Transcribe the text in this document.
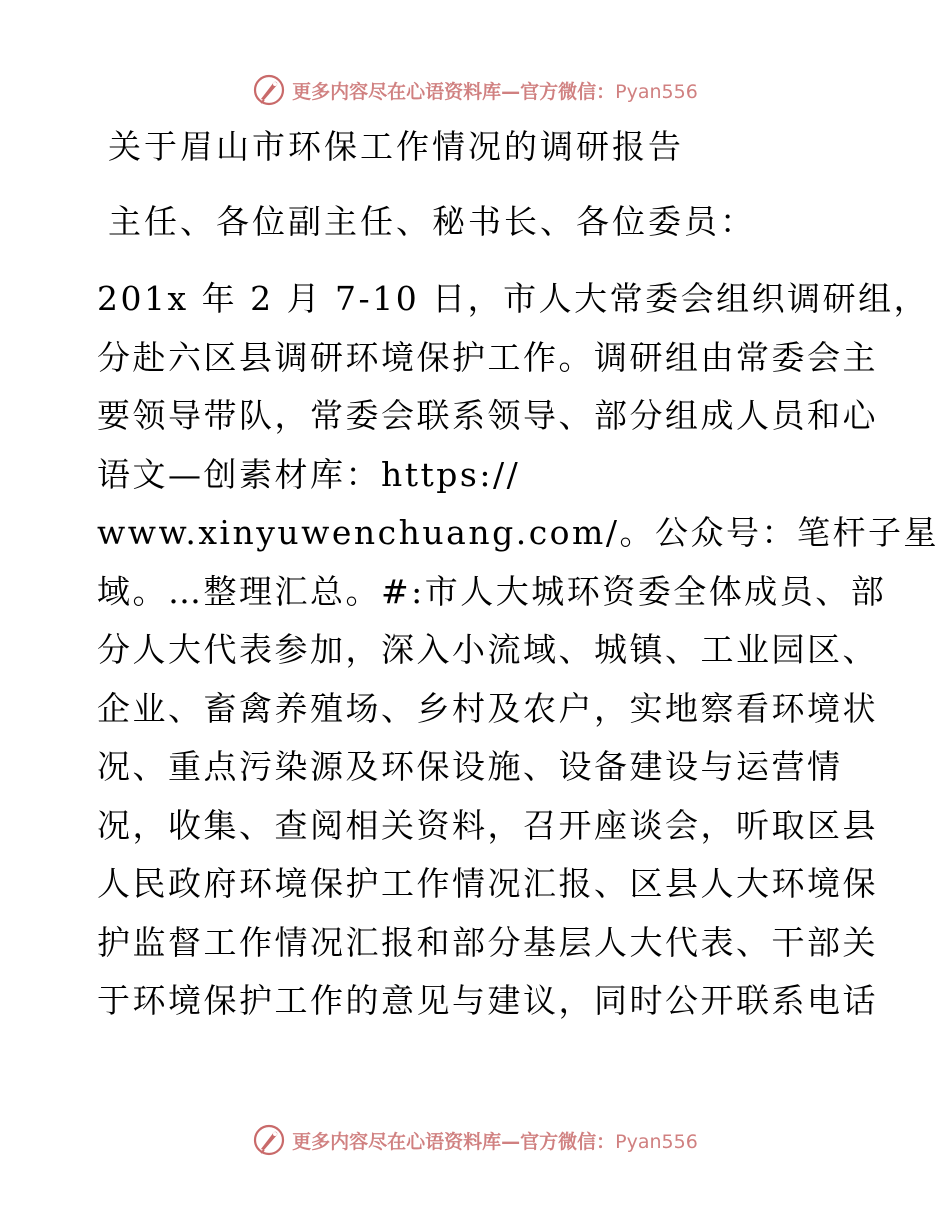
更多内容尽在心语资料库—官方微信：Pyan556
关于眉山市环保工作情况的调研报告

主任、各位副主任、秘书长、各位委员：

201x 年 2 月 7-10 日，市人大常委会组织调研组，
分赴六区县调研环境保护工作。调研组由常委会主
要领导带队，常委会联系领导、部分组成人员和心
语文—创素材库：https://
www.xinyuwenchuang.com/。公众号：笔杆子星
域。…整理汇总。#:市人大城环资委全体成员、部
分人大代表参加，深入小流域、城镇、工业园区、
企业、畜禽养殖场、乡村及农户，实地察看环境状
况、重点污染源及环保设施、设备建设与运营情
况，收集、查阅相关资料，召开座谈会，听取区县
人民政府环境保护工作情况汇报、区县人大环境保
护监督工作情况汇报和部分基层人大代表、干部关
于环境保护工作的意见与建议，同时公开联系电话
更多内容尽在心语资料库—官方微信：Pyan556
